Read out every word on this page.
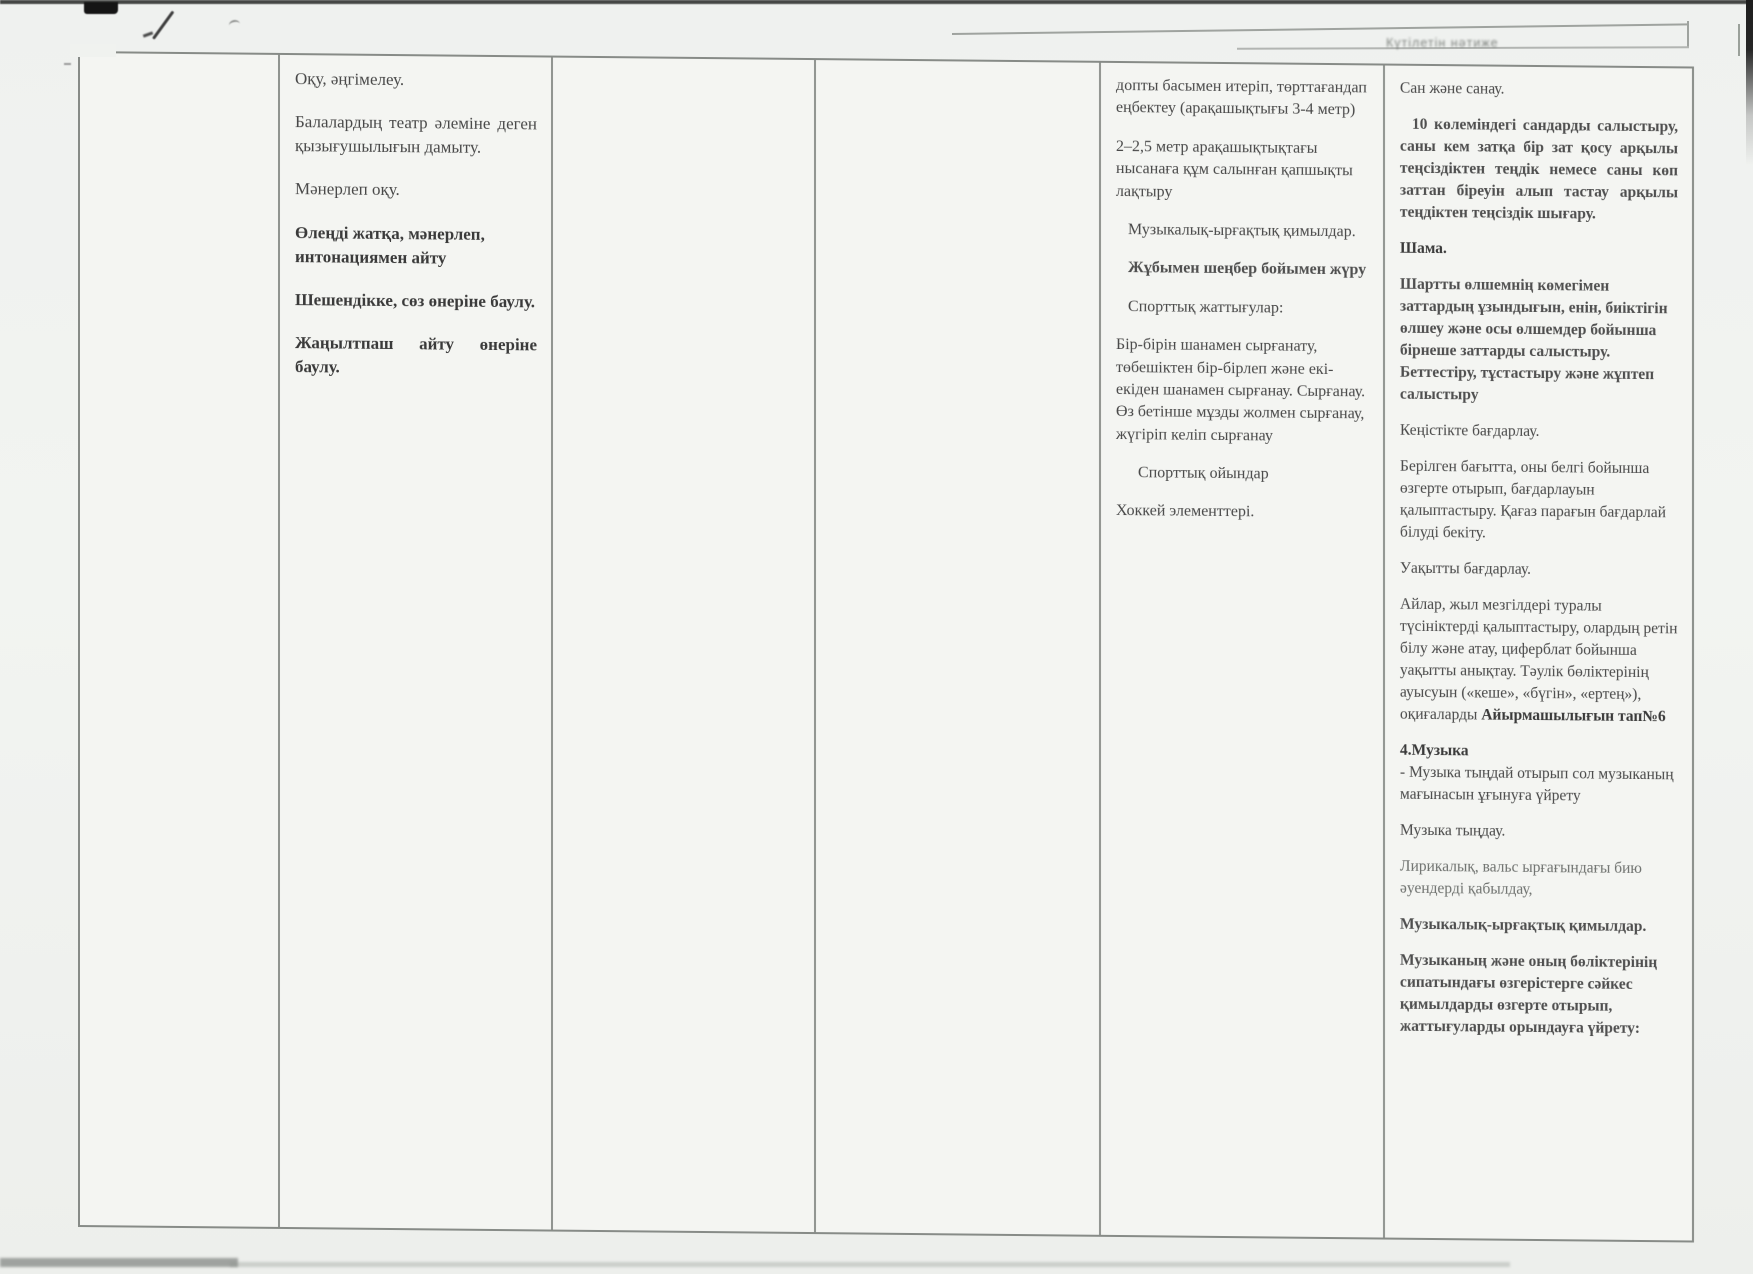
Күтілетін нәтиже

Оқу, әңгімелеу.

Балалардың театр әлеміне деген қызығушылығын дамыту.

Мәнерлеп оқу.

Өлеңді жатқа, мәнерлеп, интонациямен айту

Шешендікке, сөз өнеріне баулу.

Жаңылтпаш айту өнеріне баулу.

допты басымен итеріп, төрттағандап еңбектеу (арақашықтығы 3-4 метр)

2–2,5 метр арақашықтықтағы нысанаға құм салынған қапшықты лақтыру

Музыкалық-ырғақтық қимылдар.

Жұбымен шеңбер бойымен жүру

Спорттық жаттығулар:

Бір-бірін шанамен сырғанату, төбешіктен бір-бірлеп және екі-екіден шанамен сырғанау. Сырғанау. Өз бетінше мұзды жолмен сырғанау, жүгіріп келіп сырғанау

Спорттық ойындар

Хоккей элементтері.

Сан және санау.

10 көлеміндегі сандарды салыстыру, саны кем затқа бір зат қосу арқылы теңсіздіктен теңдік немесе саны көп заттан біреуін алып тастау арқылы теңдіктен теңсіздік шығару.

Шама.

Шартты өлшемнің көмегімен заттардың ұзындығын, енін, биіктігін өлшеу және осы өлшемдер бойынша бірнеше заттарды салыстыру. Беттестіру, тұстастыру және жұптеп салыстыру

Кеңістікте бағдарлау.

Берілген бағытта, оны белгі бойынша өзгерте отырып, бағдарлауын қалыптастыру. Қағаз парағын бағдарлай білуді бекіту.

Уақытты бағдарлау.

Айлар, жыл мезгілдері туралы түсініктерді қалыптастыру, олардың ретін білу және атау, циферблат бойынша уақытты анықтау. Тәулік бөліктерінің ауысуын («кеше», «бүгін», «ертең»), оқиғаларды Айырмашылығын тап№6

4.Музыка
- Музыка тыңдай отырып сол музыканың мағынасын ұғынуға үйрету

Музыка тыңдау.

Лирикалық, вальс ырғағындағы бию әуендерді қабылдау,

Музыкалық-ырғақтық қимылдар.

Музыканың және оның бөліктерінің сипатындағы өзгерістерге сәйкес қимылдарды өзгерте отырып, жаттығуларды орындауға үйрету:
